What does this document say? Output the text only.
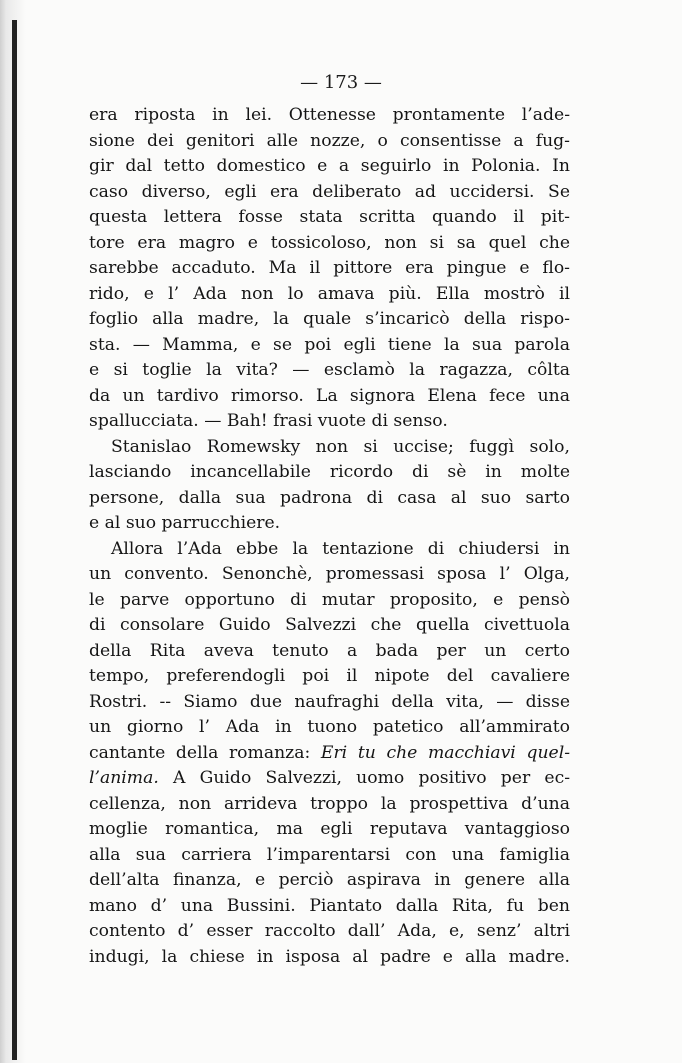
— 173 —
era riposta in lei. Ottenesse prontamente l’ade-
sione dei genitori alle nozze, o consentisse a fug-
gir dal tetto domestico e a seguirlo in Polonia. In
caso diverso, egli era deliberato ad uccidersi. Se
questa lettera fosse stata scritta quando il pit-
tore era magro e tossicoloso, non si sa quel che
sarebbe accaduto. Ma il pittore era pingue e flo-
rido, e l’ Ada non lo amava più. Ella mostrò il
foglio alla madre, la quale s’incaricò della rispo-
sta. — Mamma, e se poi egli tiene la sua parola
e si toglie la vita? — esclamò la ragazza, côlta
da un tardivo rimorso. La signora Elena fece una
spallucciata. — Bah! frasi vuote di senso.
Stanislao Romewsky non si uccise; fuggì solo,
lasciando incancellabile ricordo di sè in molte
persone, dalla sua padrona di casa al suo sarto
e al suo parrucchiere.
Allora l’Ada ebbe la tentazione di chiudersi in
un convento. Senonchè, promessasi sposa l’ Olga,
le parve opportuno di mutar proposito, e pensò
di consolare Guido Salvezzi che quella civettuola
della Rita aveva tenuto a bada per un certo
tempo, preferendogli poi il nipote del cavaliere
Rostri. -- Siamo due naufraghi della vita, — disse
un giorno l’ Ada in tuono patetico all’ammirato
cantante della romanza: Eri tu che macchiavi quel-
l’anima. A Guido Salvezzi, uomo positivo per ec-
cellenza, non arrideva troppo la prospettiva d’una
moglie romantica, ma egli reputava vantaggioso
alla sua carriera l’imparentarsi con una famiglia
dell’alta finanza, e perciò aspirava in genere alla
mano d’ una Bussini. Piantato dalla Rita, fu ben
contento d’ esser raccolto dall’ Ada, e, senz’ altri
indugi, la chiese in isposa al padre e alla madre.
